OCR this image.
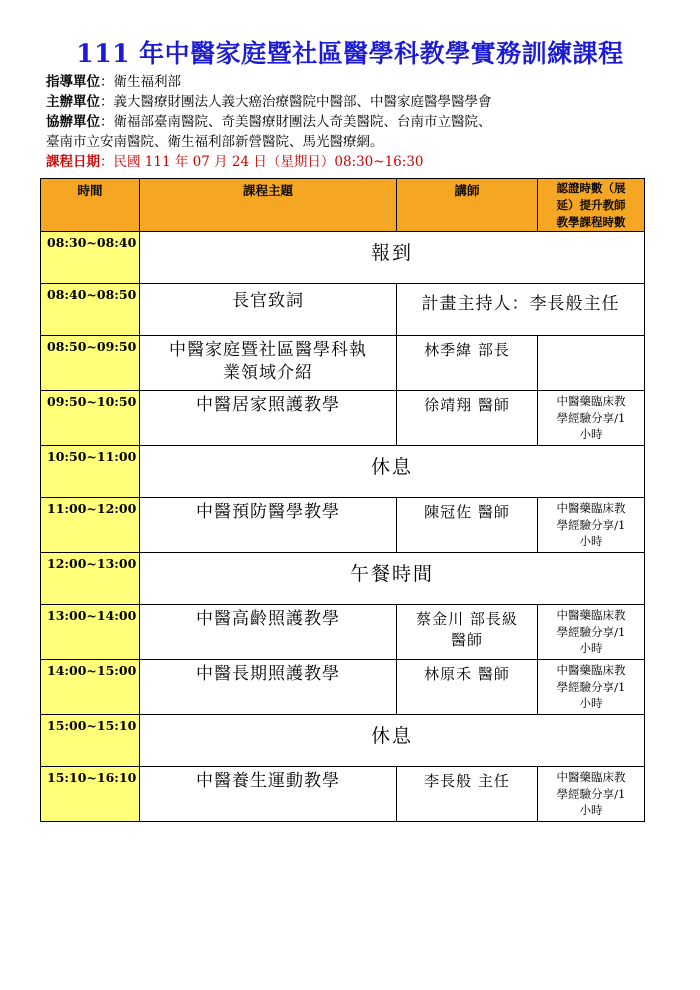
111 年中醫家庭暨社區醫學科教學實務訓練課程
指導單位：衛生福利部
主辦單位：義大醫療財團法人義大癌治療醫院中醫部、中醫家庭醫學醫學會
協辦單位：衛福部臺南醫院、奇美醫療財團法人奇美醫院、台南市立醫院、
臺南市立安南醫院、衛生福利部新營醫院、馬光醫療網。
課程日期：民國 111 年 07 月 24 日（星期日）08:30~16:30
時間	課程主題	講師	認證時數（展
延）提升教師
教學課程時數
08:30~08:40	報到		
08:40~08:50	長官致詞	計畫主持人：李長般主任	
08:50~09:50	中醫家庭暨社區醫學科執
業領域介紹	林季緯 部長	
09:50~10:50	中醫居家照護教學	徐靖翔 醫師	中醫藥臨床教
學經驗分享/1
小時
10:50~11:00	休息		
11:00~12:00	中醫預防醫學教學	陳冠佐 醫師	中醫藥臨床教
學經驗分享/1
小時
12:00~13:00	午餐時間		
13:00~14:00	中醫高齡照護教學	蔡金川 部長級
醫師	中醫藥臨床教
學經驗分享/1
小時
14:00~15:00	中醫長期照護教學	林原禾 醫師	中醫藥臨床教
學經驗分享/1
小時
15:00~15:10	休息		
15:10~16:10	中醫養生運動教學	李長般 主任	中醫藥臨床教
學經驗分享/1
小時
